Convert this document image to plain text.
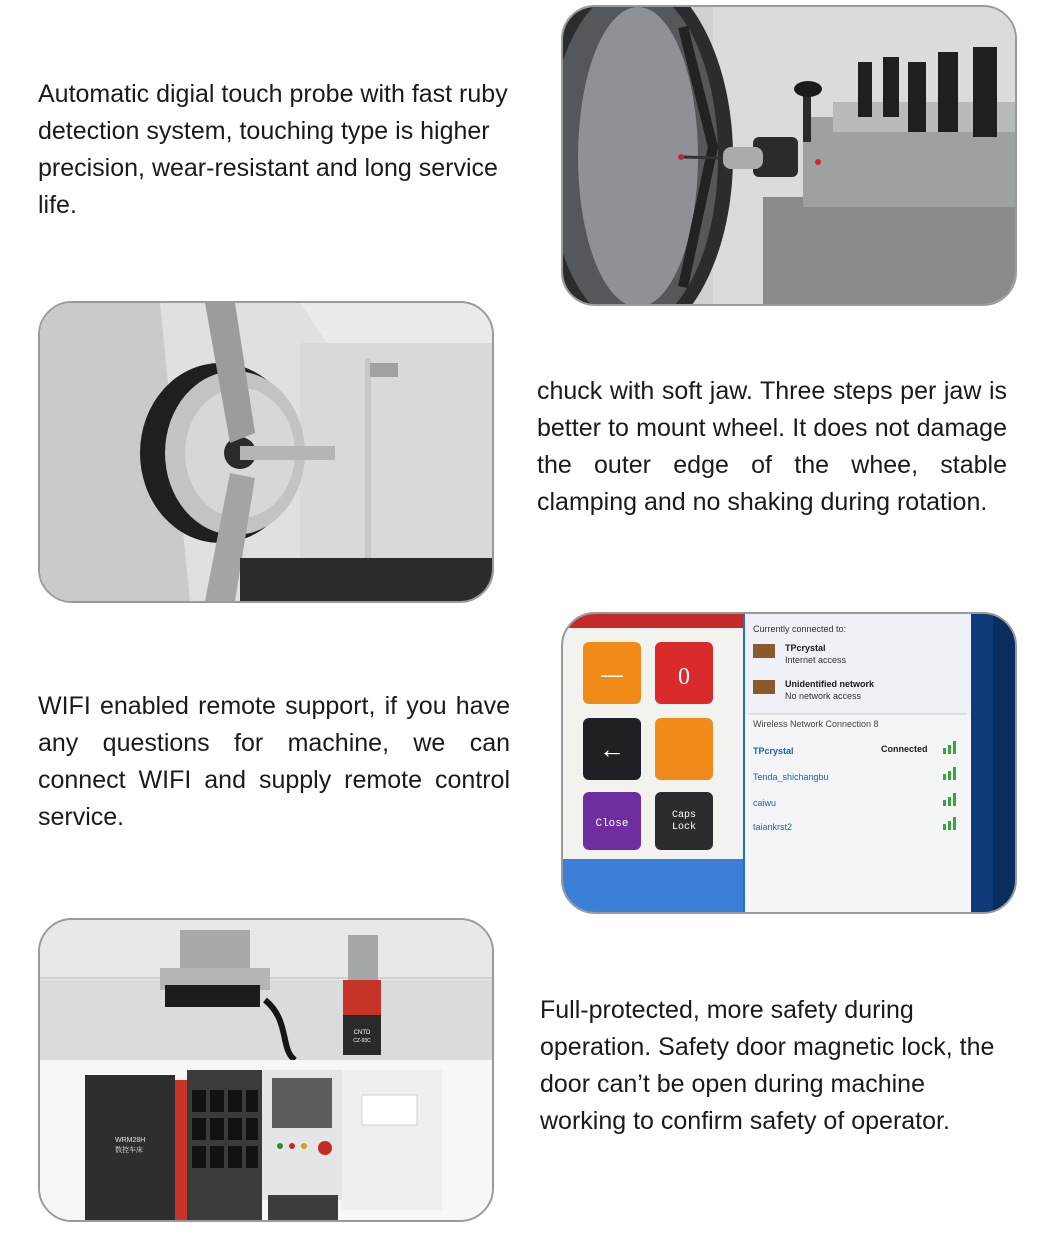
Automatic digial touch probe with fast ruby detection system, touching type is higher precision, wear-resistant and long service life.

chuck with soft jaw. Three steps per jaw is better to mount wheel. It does not damage the outer edge of the whee, stable clamping and no shaking during rotation.

WIFI enabled remote support, if you have any questions for machine, we can connect WIFI and supply remote control service.

Full-protected, more safety during operation. Safety door magnetic lock, the door can’t be open during machine working to confirm safety of operator.

— 0
←
Close
Caps
Lock
Currently connected to:
TPcrystal
Internet access
Unidentified network
No network access
Wireless Network Connection 8
TPcrystal	Connected
Tenda_shichangbu
caiwu
taiankrst2
CNTD
CZ-93C
WRM28H
数控车床
